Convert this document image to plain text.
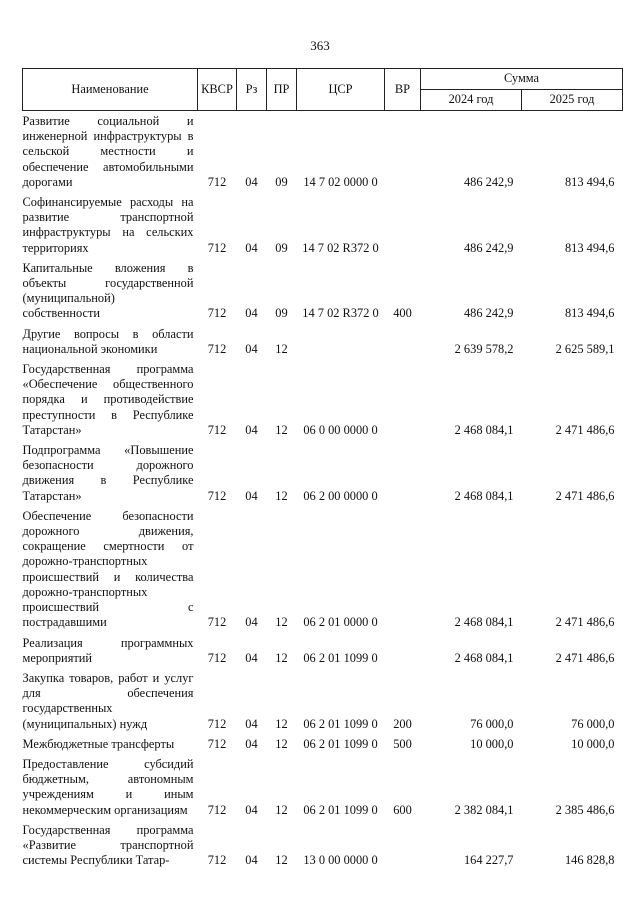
363
Наименование	КВСР	Рз	ПР	ЦСР	ВР	Сумма	
						2024 год	2025 год
Развитие социальной и инженерной инфраструктуры в сельской местности и обеспечение автомобильными дорогами	712	04	09	14 7 02 0000 0		486 242,9	813 494,6
Софинансируемые расходы на развитие транспортной инфраструктуры на сельских территориях	712	04	09	14 7 02 R372 0		486 242,9	813 494,6
Капитальные вложения в объекты государственной (муниципальной) собственности	712	04	09	14 7 02 R372 0	400	486 242,9	813 494,6
Другие вопросы в области национальной экономики	712	04	12			2 639 578,2	2 625 589,1
Государственная программа «Обеспечение общественного порядка и противодействие преступности в Республике Татарстан»	712	04	12	06 0 00 0000 0		2 468 084,1	2 471 486,6
Подпрограмма «Повышение безопасности дорожного движения в Республике Татарстан»	712	04	12	06 2 00 0000 0		2 468 084,1	2 471 486,6
Обеспечение безопасности дорожного движения, сокращение смертности от дорожно-транспортных происшествий и количества дорожно-транспортных происшествий с пострадавшими	712	04	12	06 2 01 0000 0		2 468 084,1	2 471 486,6
Реализация программных мероприятий	712	04	12	06 2 01 1099 0		2 468 084,1	2 471 486,6
Закупка товаров, работ и услуг для обеспечения государственных (муниципальных) нужд	712	04	12	06 2 01 1099 0	200	76 000,0	76 000,0
Межбюджетные трансферты	712	04	12	06 2 01 1099 0	500	10 000,0	10 000,0
Предоставление субсидий бюджетным, автономным учреждениям и иным некоммерческим организациям	712	04	12	06 2 01 1099 0	600	2 382 084,1	2 385 486,6
Государственная программа «Развитие транспортной системы Республики Татар-	712	04	12	13 0 00 0000 0		164 227,7	146 828,8
